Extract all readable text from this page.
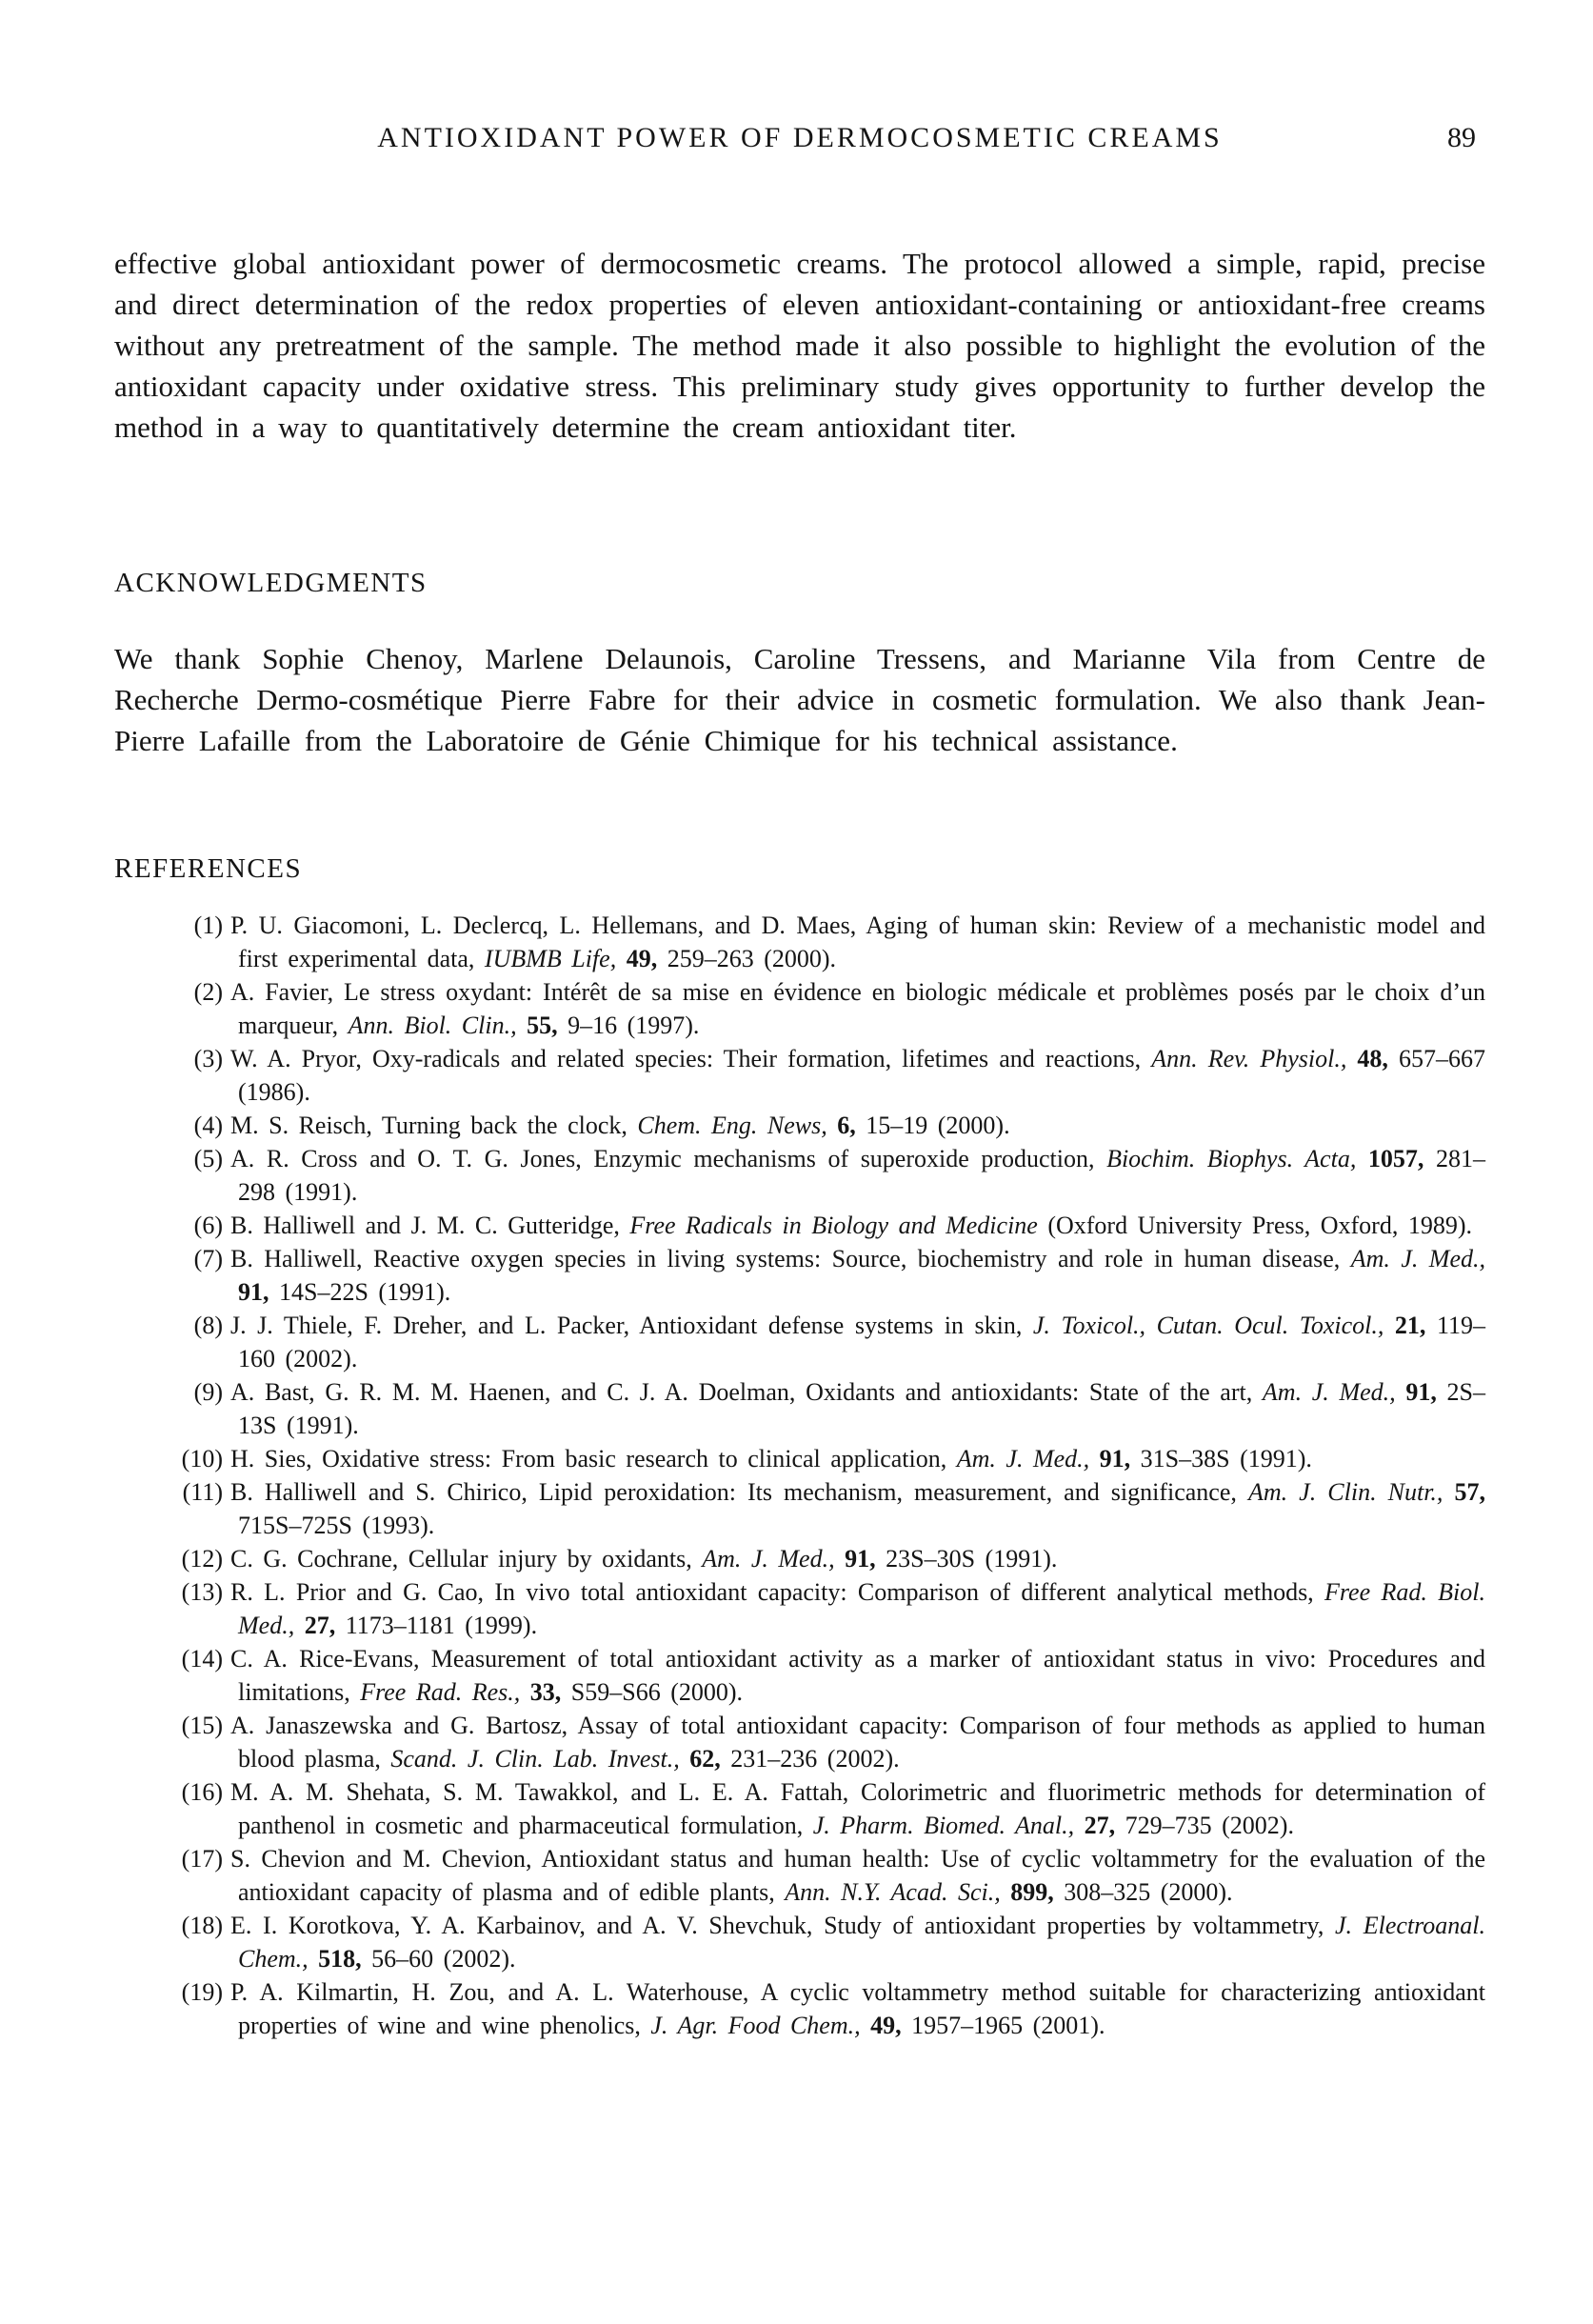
ANTIOXIDANT POWER OF DERMOCOSMETIC CREAMS	89

effective global antioxidant power of dermocosmetic creams. The protocol allowed a simple, rapid, precise and direct determination of the redox properties of eleven antioxidant-containing or antioxidant-free creams without any pretreatment of the sample. The method made it also possible to highlight the evolution of the antioxidant capacity under oxidative stress. This preliminary study gives opportunity to further develop the method in a way to quantitatively determine the cream antioxidant titer.

ACKNOWLEDGMENTS

We thank Sophie Chenoy, Marlene Delaunois, Caroline Tressens, and Marianne Vila from Centre de Recherche Dermo-cosmétique Pierre Fabre for their advice in cosmetic formulation. We also thank Jean-Pierre Lafaille from the Laboratoire de Génie Chimique for his technical assistance.

REFERENCES
(1) P. U. Giacomoni, L. Declercq, L. Hellemans, and D. Maes, Aging of human skin: Review of a mechanistic model and first experimental data, IUBMB Life, 49, 259–263 (2000).
(2) A. Favier, Le stress oxydant: Intérêt de sa mise en évidence en biologic médicale et problèmes posés par le choix d’un marqueur, Ann. Biol. Clin., 55, 9–16 (1997).
(3) W. A. Pryor, Oxy-radicals and related species: Their formation, lifetimes and reactions, Ann. Rev. Physiol., 48, 657–667 (1986).
(4) M. S. Reisch, Turning back the clock, Chem. Eng. News, 6, 15–19 (2000).
(5) A. R. Cross and O. T. G. Jones, Enzymic mechanisms of superoxide production, Biochim. Biophys. Acta, 1057, 281–298 (1991).
(6) B. Halliwell and J. M. C. Gutteridge, Free Radicals in Biology and Medicine (Oxford University Press, Oxford, 1989).
(7) B. Halliwell, Reactive oxygen species in living systems: Source, biochemistry and role in human disease, Am. J. Med., 91, 14S–22S (1991).
(8) J. J. Thiele, F. Dreher, and L. Packer, Antioxidant defense systems in skin, J. Toxicol., Cutan. Ocul. Toxicol., 21, 119–160 (2002).
(9) A. Bast, G. R. M. M. Haenen, and C. J. A. Doelman, Oxidants and antioxidants: State of the art, Am. J. Med., 91, 2S–13S (1991).
(10) H. Sies, Oxidative stress: From basic research to clinical application, Am. J. Med., 91, 31S–38S (1991).
(11) B. Halliwell and S. Chirico, Lipid peroxidation: Its mechanism, measurement, and significance, Am. J. Clin. Nutr., 57, 715S–725S (1993).
(12) C. G. Cochrane, Cellular injury by oxidants, Am. J. Med., 91, 23S–30S (1991).
(13) R. L. Prior and G. Cao, In vivo total antioxidant capacity: Comparison of different analytical methods, Free Rad. Biol. Med., 27, 1173–1181 (1999).
(14) C. A. Rice-Evans, Measurement of total antioxidant activity as a marker of antioxidant status in vivo: Procedures and limitations, Free Rad. Res., 33, S59–S66 (2000).
(15) A. Janaszewska and G. Bartosz, Assay of total antioxidant capacity: Comparison of four methods as applied to human blood plasma, Scand. J. Clin. Lab. Invest., 62, 231–236 (2002).
(16) M. A. M. Shehata, S. M. Tawakkol, and L. E. A. Fattah, Colorimetric and fluorimetric methods for determination of panthenol in cosmetic and pharmaceutical formulation, J. Pharm. Biomed. Anal., 27, 729–735 (2002).
(17) S. Chevion and M. Chevion, Antioxidant status and human health: Use of cyclic voltammetry for the evaluation of the antioxidant capacity of plasma and of edible plants, Ann. N.Y. Acad. Sci., 899, 308–325 (2000).
(18) E. I. Korotkova, Y. A. Karbainov, and A. V. Shevchuk, Study of antioxidant properties by voltammetry, J. Electroanal. Chem., 518, 56–60 (2002).
(19) P. A. Kilmartin, H. Zou, and A. L. Waterhouse, A cyclic voltammetry method suitable for characterizing antioxidant properties of wine and wine phenolics, J. Agr. Food Chem., 49, 1957–1965 (2001).
